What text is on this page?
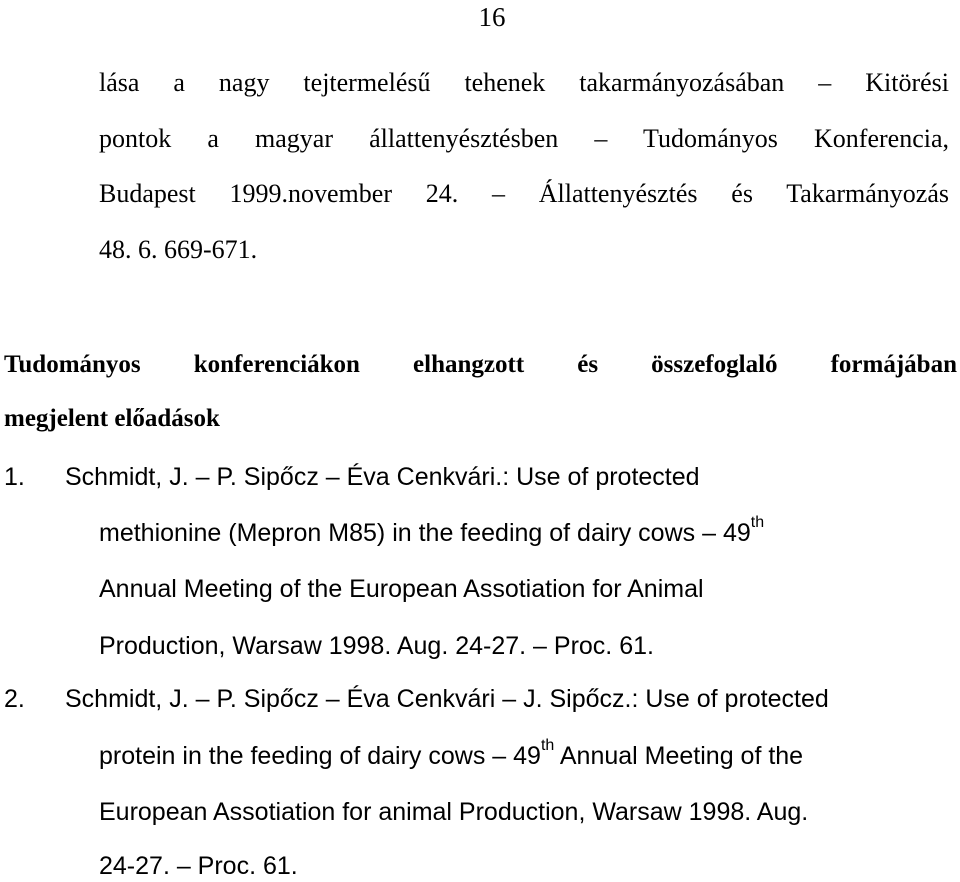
16
lása a nagy tejtermelésű tehenek takarmányozásában – Kitörési
pontok a magyar állattenyésztésben – Tudományos Konferencia,
Budapest 1999.november 24. – Állattenyésztés és Takarmányozás
48. 6. 669-671.
Tudományos konferenciákon elhangzott és összefoglaló formájában
megjelent előadások
1. Schmidt, J. – P. Sipőcz – Éva Cenkvári.: Use of protected
methionine (Mepron M85) in the feeding of dairy cows – 49th
Annual Meeting of the European Assotiation for Animal
Production, Warsaw 1998. Aug. 24-27. – Proc. 61.
2. Schmidt, J. – P. Sipőcz – Éva Cenkvári – J. Sipőcz.: Use of protected
protein in the feeding of dairy cows – 49th Annual Meeting of the
European Assotiation for animal Production, Warsaw 1998. Aug.
24-27. – Proc. 61.
